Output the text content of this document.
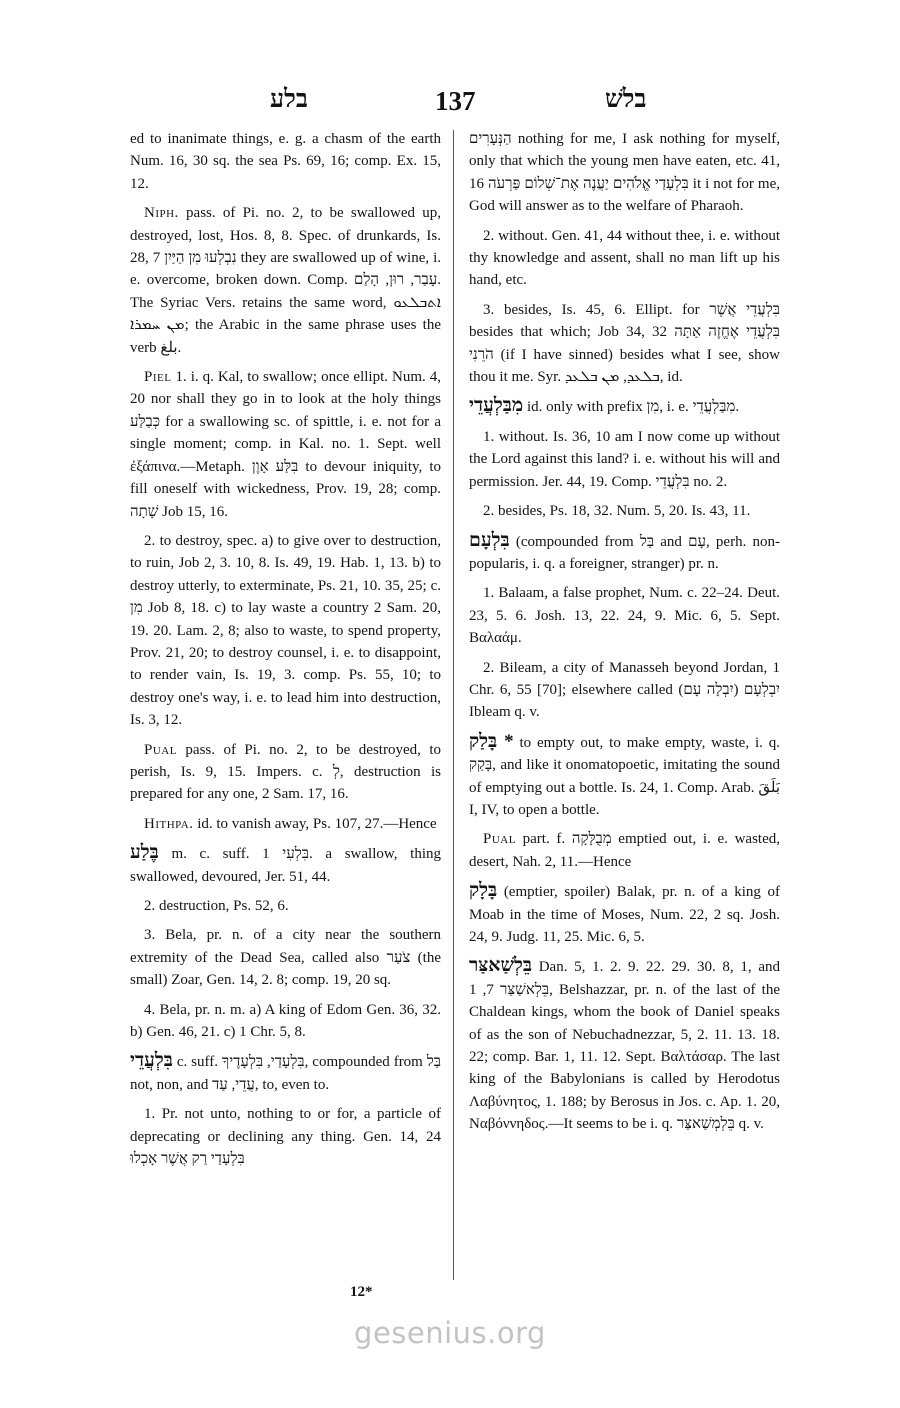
בלע	137	בלשׁ

ed to inanimate things, e. g. a chasm of the earth Num. 16, 30 sq. the sea Ps. 69, 16; comp. Ex. 15, 12.

Niph. pass. of Pi. no. 2, to be swallowed up, destroyed, lost, Hos. 8, 8. Spec. of drunkards, Is. 28, 7 נִבְלְעוּ מִן הַיַּיִן they are swallowed up of wine, i. e. overcome, broken down. Comp. עָבַר, רוּן, הָלַם. The Syriac Vers. retains the same word, ܐܬܒܠܥܘ ܡܢ ܚܡܪܐ; the Arabic in the same phrase uses the verb بلغ.

Piel 1. i. q. Kal, to swallow; once ellipt. Num. 4, 20 nor shall they go in to look at the holy things כְּבַלַּע for a swallowing sc. of spittle, i. e. not for a single moment; comp. in Kal. no. 1. Sept. well ἐξάπινα.—Metaph. בִּלַּע אָוֶן to devour iniquity, to fill oneself with wickedness, Prov. 19, 28; comp. שָׁתָה Job 15, 16.

2. to destroy, spec. a) to give over to destruction, to ruin, Job 2, 3. 10, 8. Is. 49, 19. Hab. 1, 13. b) to destroy utterly, to exterminate, Ps. 21, 10. 35, 25; c. מִן Job 8, 18. c) to lay waste a country 2 Sam. 20, 19. 20. Lam. 2, 8; also to waste, to spend property, Prov. 21, 20; to destroy counsel, i. e. to disappoint, to render vain, Is. 19, 3. comp. Ps. 55, 10; to destroy one's way, i. e. to lead him into destruction, Is. 3, 12.

Pual pass. of Pi. no. 2, to be destroyed, to perish, Is. 9, 15. Impers. c. לְ, destruction is prepared for any one, 2 Sam. 17, 16.

Hithpa. id. to vanish away, Ps. 107, 27.—Hence

בֶּלַע m. c. suff. בִּלְעִי 1. a swallow, thing swallowed, devoured, Jer. 51, 44.

2. destruction, Ps. 52, 6.

3. Bela, pr. n. of a city near the southern extremity of the Dead Sea, called also צֹעַר (the small) Zoar, Gen. 14, 2. 8; comp. 19, 20 sq.

4. Bela, pr. n. m. a) A king of Edom Gen. 36, 32. b) Gen. 46, 21. c) 1 Chr. 5, 8.

בִּלְעֲדֵי c. suff. בִּלְעָדַי, בִּלְעָדֶיךָ, compounded from בַּל not, non, and עֲדֵי, עַד, to, even to.

1. Pr. not unto, nothing to or for, a particle of deprecating or declining any thing. Gen. 14, 24 בִּלְעָדַי רַק אֲשֶׁר אָכְלוּ

הַנְּעָרִים nothing for me, I ask nothing for myself, only that which the young men have eaten, etc. 41, 16 בִּלְעָדַי אֱלֹהִים יַעֲנֶה אֶת־שְׁלוֹם פַּרְעֹה it i not for me, God will answer as to the welfare of Pharaoh.

2. without. Gen. 41, 44 without thee, i. e. without thy knowledge and assent, shall no man lift up his hand, etc.

3. besides, Is. 45, 6. Ellipt. for בִּלְעֲדֵי אֲשֶׁר besides that which; Job 34, 32 בִּלְעֲדֵי אֶחֱזֶה אַתָּה הֹרֵנִי (if I have sinned) besides what I see, show thou it me. Syr. ܒܠܥܕ, ܡܢ ܒܠܥܕ, id.

מִבַּלְעֲדֵי id. only with prefix מִן, i. e. מִבַּלְעֲדֵי.

1. without. Is. 36, 10 am I now come up without the Lord against this land? i. e. without his will and permission. Jer. 44, 19. Comp. בִּלְעֲדֵי no. 2.

2. besides, Ps. 18, 32. Num. 5, 20. Is. 43, 11.

בִּלְעָם (compounded from בַּל and עָם, perh. non-popularis, i. q. a foreigner, stranger) pr. n.

1. Balaam, a false prophet, Num. c. 22–24. Deut. 23, 5. 6. Josh. 13, 22. 24, 9. Mic. 6, 5. Sept. Βαλαάμ.

2. Bileam, a city of Manasseh beyond Jordan, 1 Chr. 6, 55 [70]; elsewhere called יִבְלְעָם (יִבְלָה עָם) Ibleam q. v.

* בָּלַק to empty out, to make empty, waste, i. q. בָּקַק, and like it onomatopoetic, imitating the sound of emptying out a bottle. Is. 24, 1. Comp. Arab. بَلَقَ I, IV, to open a bottle.

Pual part. f. מְבֻלָּקָה emptied out, i. e. wasted, desert, Nah. 2, 11.—Hence

בָּלָק (emptier, spoiler) Balak, pr. n. of a king of Moab in the time of Moses, Num. 22, 2 sq. Josh. 24, 9. Judg. 11, 25. Mic. 6, 5.

בֵּלְשַׁאצַּר Dan. 5, 1. 2. 9. 22. 29. 30. 8, 1, and בֵּלְאשַׁצַּר 7, 1, Belshazzar, pr. n. of the last of the Chaldean kings, whom the book of Daniel speaks of as the son of Nebuchadnezzar, 5, 2. 11. 13. 18. 22; comp. Bar. 1, 11. 12. Sept. Βαλτάσαρ. The last king of the Babylonians is called by Herodotus Λαβύνητος, 1. 188; by Berosus in Jos. c. Ap. 1. 20, Ναβόννηδος.—It seems to be i. q. בֵּלְמְשַׁאצַּר q. v.

12*
gesenius.org
